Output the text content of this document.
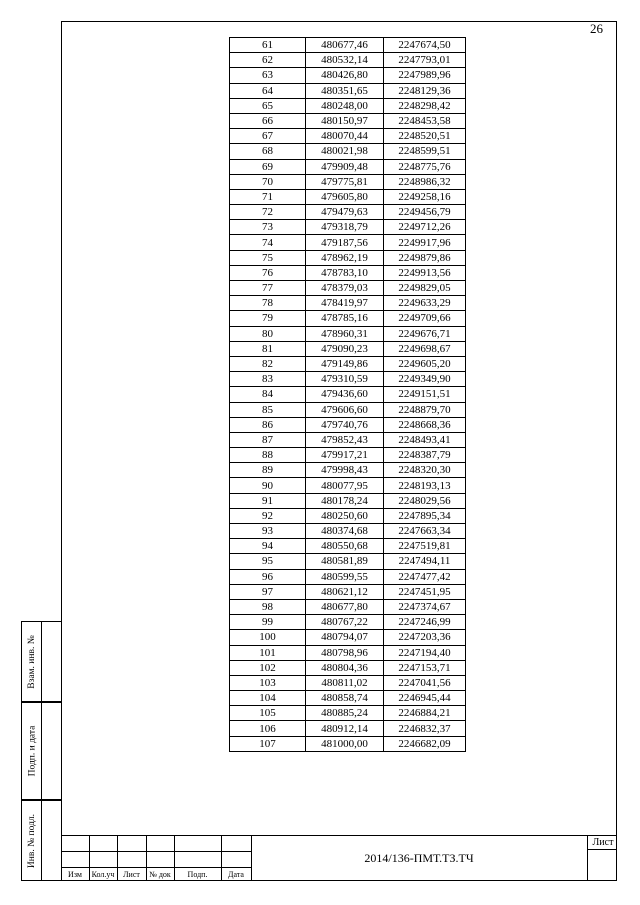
26
61	480677,46	2247674,50
62	480532,14	2247793,01
63	480426,80	2247989,96
64	480351,65	2248129,36
65	480248,00	2248298,42
66	480150,97	2248453,58
67	480070,44	2248520,51
68	480021,98	2248599,51
69	479909,48	2248775,76
70	479775,81	2248986,32
71	479605,80	2249258,16
72	479479,63	2249456,79
73	479318,79	2249712,26
74	479187,56	2249917,96
75	478962,19	2249879,86
76	478783,10	2249913,56
77	478379,03	2249829,05
78	478419,97	2249633,29
79	478785,16	2249709,66
80	478960,31	2249676,71
81	479090,23	2249698,67
82	479149,86	2249605,20
83	479310,59	2249349,90
84	479436,60	2249151,51
85	479606,60	2248879,70
86	479740,76	2248668,36
87	479852,43	2248493,41
88	479917,21	2248387,79
89	479998,43	2248320,30
90	480077,95	2248193,13
91	480178,24	2248029,56
92	480250,60	2247895,34
93	480374,68	2247663,34
94	480550,68	2247519,81
95	480581,89	2247494,11
96	480599,55	2247477,42
97	480621,12	2247451,95
98	480677,80	2247374,67
99	480767,22	2247246,99
100	480794,07	2247203,36
101	480798,96	2247194,40
102	480804,36	2247153,71
103	480811,02	2247041,56
104	480858,74	2246945,44
105	480885,24	2246884,21
106	480912,14	2246832,37
107	481000,00	2246682,09
Взам. инв. №
Подп. и дата
Инв. № подл.
Изм	Кол.уч	Лист	№ док	Подп.	Дата
2014/136-ПМТ.ТЗ.ТЧ
Лист
